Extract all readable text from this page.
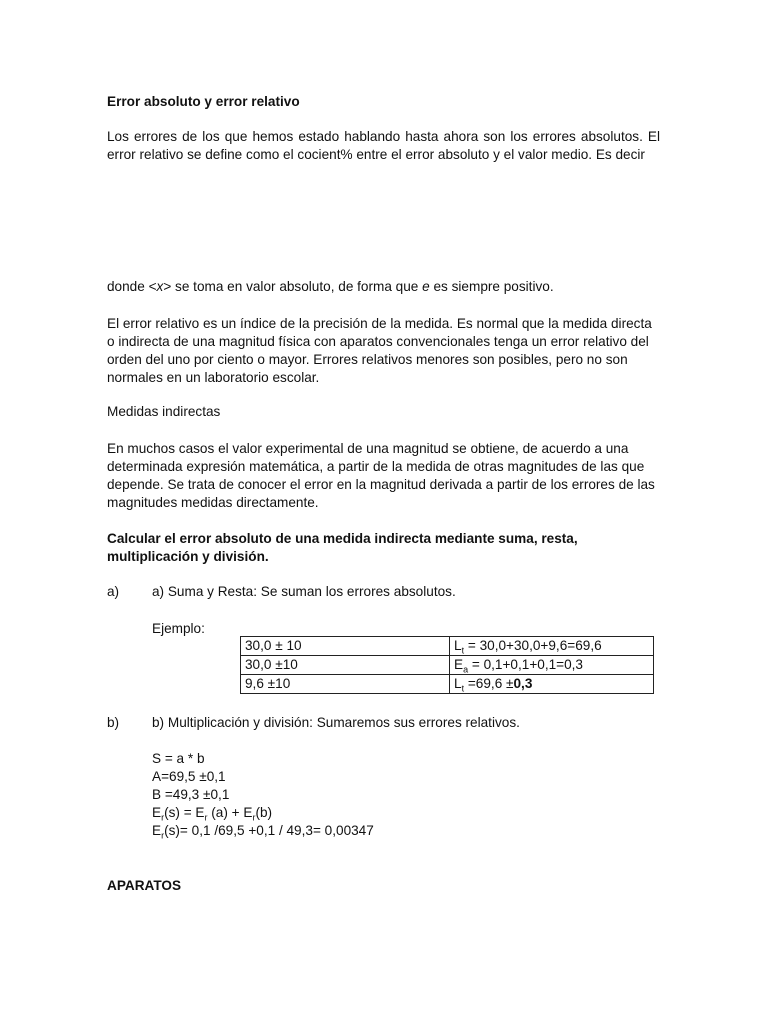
Error absoluto y error relativo

Los errores de los que hemos estado hablando hasta ahora son los errores absolutos. El error relativo se define como el cocient% entre el error absoluto y el valor medio. Es decir

donde <x> se toma en valor absoluto, de forma que e es siempre positivo.

El error relativo es un índice de la precisión de la medida. Es normal que la medida directa o indirecta de una magnitud física con aparatos convencionales tenga un error relativo del orden del uno por ciento o mayor. Errores relativos menores son posibles, pero no son normales en un laboratorio escolar.

Medidas indirectas

En muchos casos el valor experimental de una magnitud se obtiene, de acuerdo a una determinada expresión matemática, a partir de la medida de otras magnitudes de las que depende. Se trata de conocer el error en la magnitud derivada a partir de los errores de las magnitudes medidas directamente.

Calcular el error absoluto de una medida indirecta mediante suma, resta, multiplicación y división.

a) a) Suma y Resta: Se suman los errores absolutos.
Ejemplo:
30,0 ± 10	$L_t = 30,0+30,0+9,6=69,6$
30,0 ±10	$E_a = 0,1+0,1+0,1=0,3$
9,6 ±10	$L_t =69,6 \pm 0,3$
b) b) Multiplicación y división: Sumaremos sus errores relativos.
S = a * b
A=69,5 ±0,1
B =49,3 ±0,1
$E_r(s) = E_r$ $(a) + E_r(b)$
$E_r(s)= 0,1$ /69,5 +0,1 / 49,3= 0,00347
APARATOS
